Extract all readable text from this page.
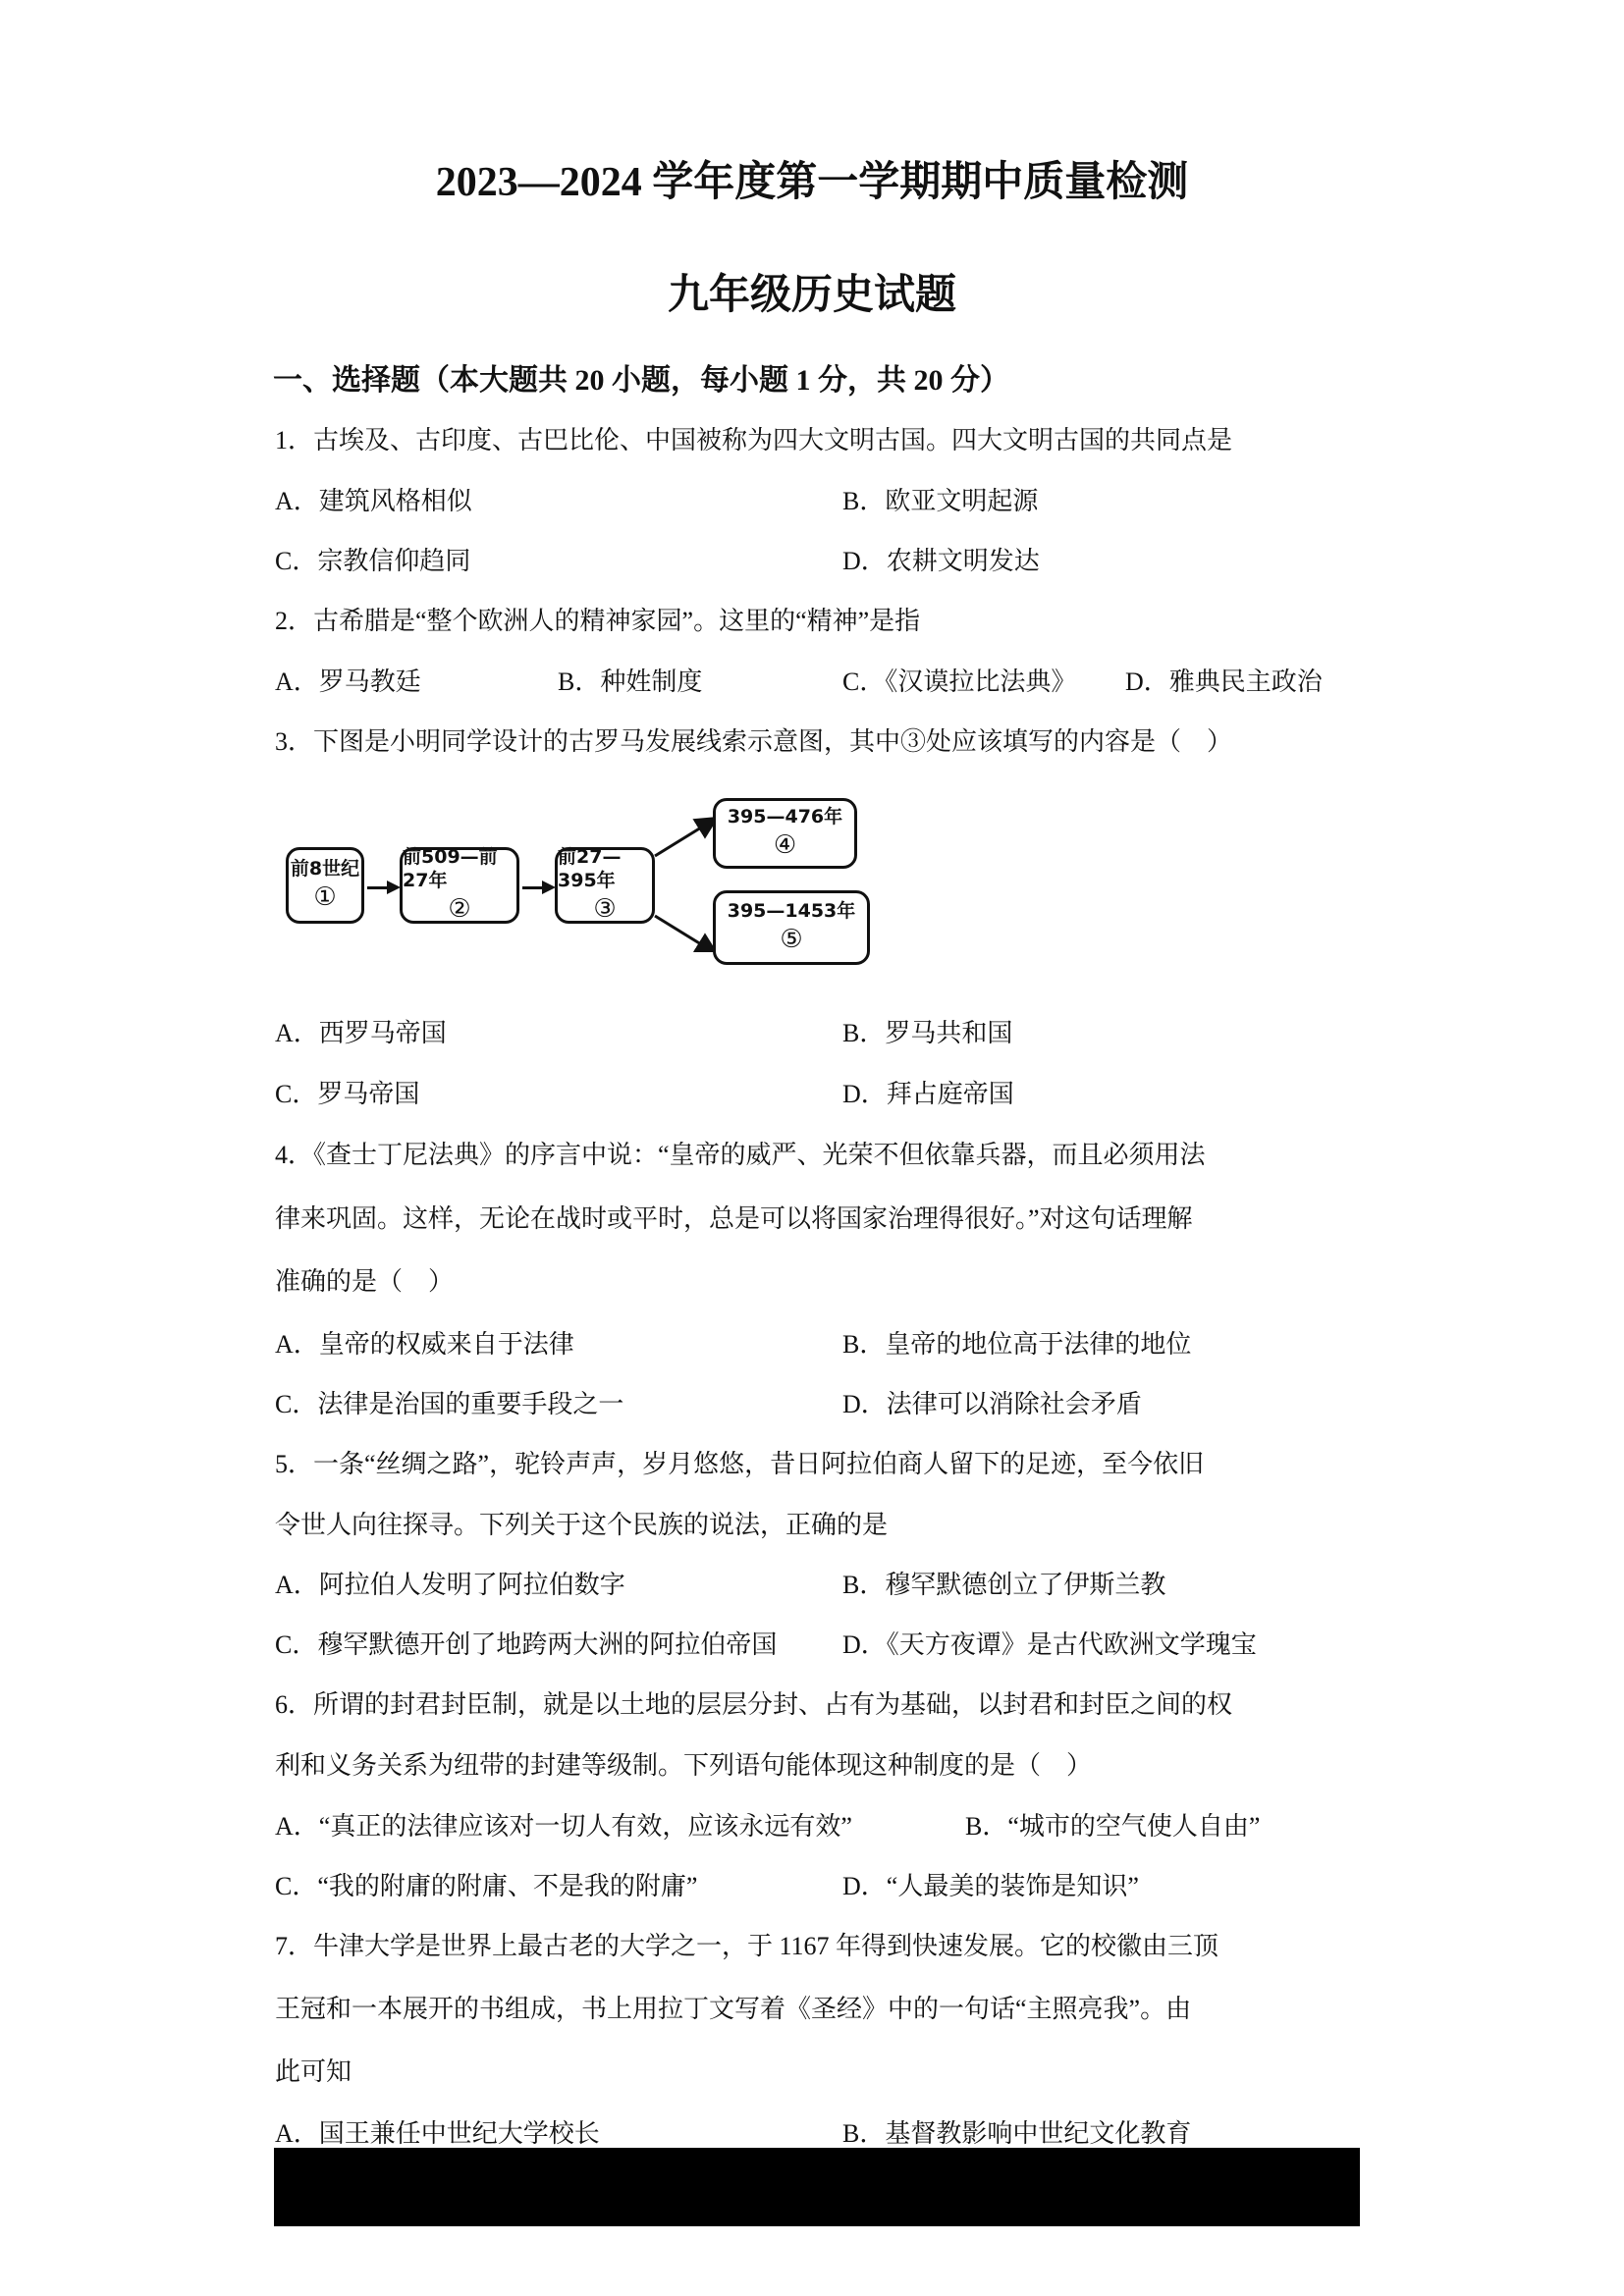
2023—2024 学年度第一学期期中质量检测
九年级历史试题
一、选择题（本大题共 20 小题，每小题 1 分，共 20 分）
1．古埃及、古印度、古巴比伦、中国被称为四大文明古国。四大文明古国的共同点是
A．建筑风格相似	B．欧亚文明起源
C．宗教信仰趋同	D．农耕文明发达
2．古希腊是“整个欧洲人的精神家园”。这里的“精神”是指
A．罗马教廷	B．种姓制度	C．《汉谟拉比法典》 D．雅典民主政治
3．下图是小明同学设计的古罗马发展线索示意图，其中③处应该填写的内容是（　）
前8世纪
①
前509—前27年
②
前27—395年
③
395—476年
④
395—1453年
⑤
A．西罗马帝国	B．罗马共和国
C．罗马帝国	D．拜占庭帝国
4．《查士丁尼法典》的序言中说：“皇帝的威严、光荣不但依靠兵器，而且必须用法
律来巩固。这样，无论在战时或平时，总是可以将国家治理得很好。”对这句话理解
准确的是（　）
A．皇帝的权威来自于法律	B．皇帝的地位高于法律的地位
C．法律是治国的重要手段之一	D．法律可以消除社会矛盾
5．一条“丝绸之路”，驼铃声声，岁月悠悠，昔日阿拉伯商人留下的足迹，至今依旧
令世人向往探寻。下列关于这个民族的说法，正确的是
A．阿拉伯人发明了阿拉伯数字	B．穆罕默德创立了伊斯兰教
C．穆罕默德开创了地跨两大洲的阿拉伯帝国	D．《天方夜谭》是古代欧洲文学瑰宝
6．所谓的封君封臣制，就是以土地的层层分封、占有为基础，以封君和封臣之间的权
利和义务关系为纽带的封建等级制。下列语句能体现这种制度的是（　）
A．“真正的法律应该对一切人有效，应该永远有效”	B．“城市的空气使人自由”
C．“我的附庸的附庸、不是我的附庸”	D．“人最美的装饰是知识”
7．牛津大学是世界上最古老的大学之一，于 1167 年得到快速发展。它的校徽由三顶
王冠和一本展开的书组成，书上用拉丁文写着《圣经》中的一句话“主照亮我”。由
此可知
A．国王兼任中世纪大学校长	B．基督教影响中世纪文化教育
